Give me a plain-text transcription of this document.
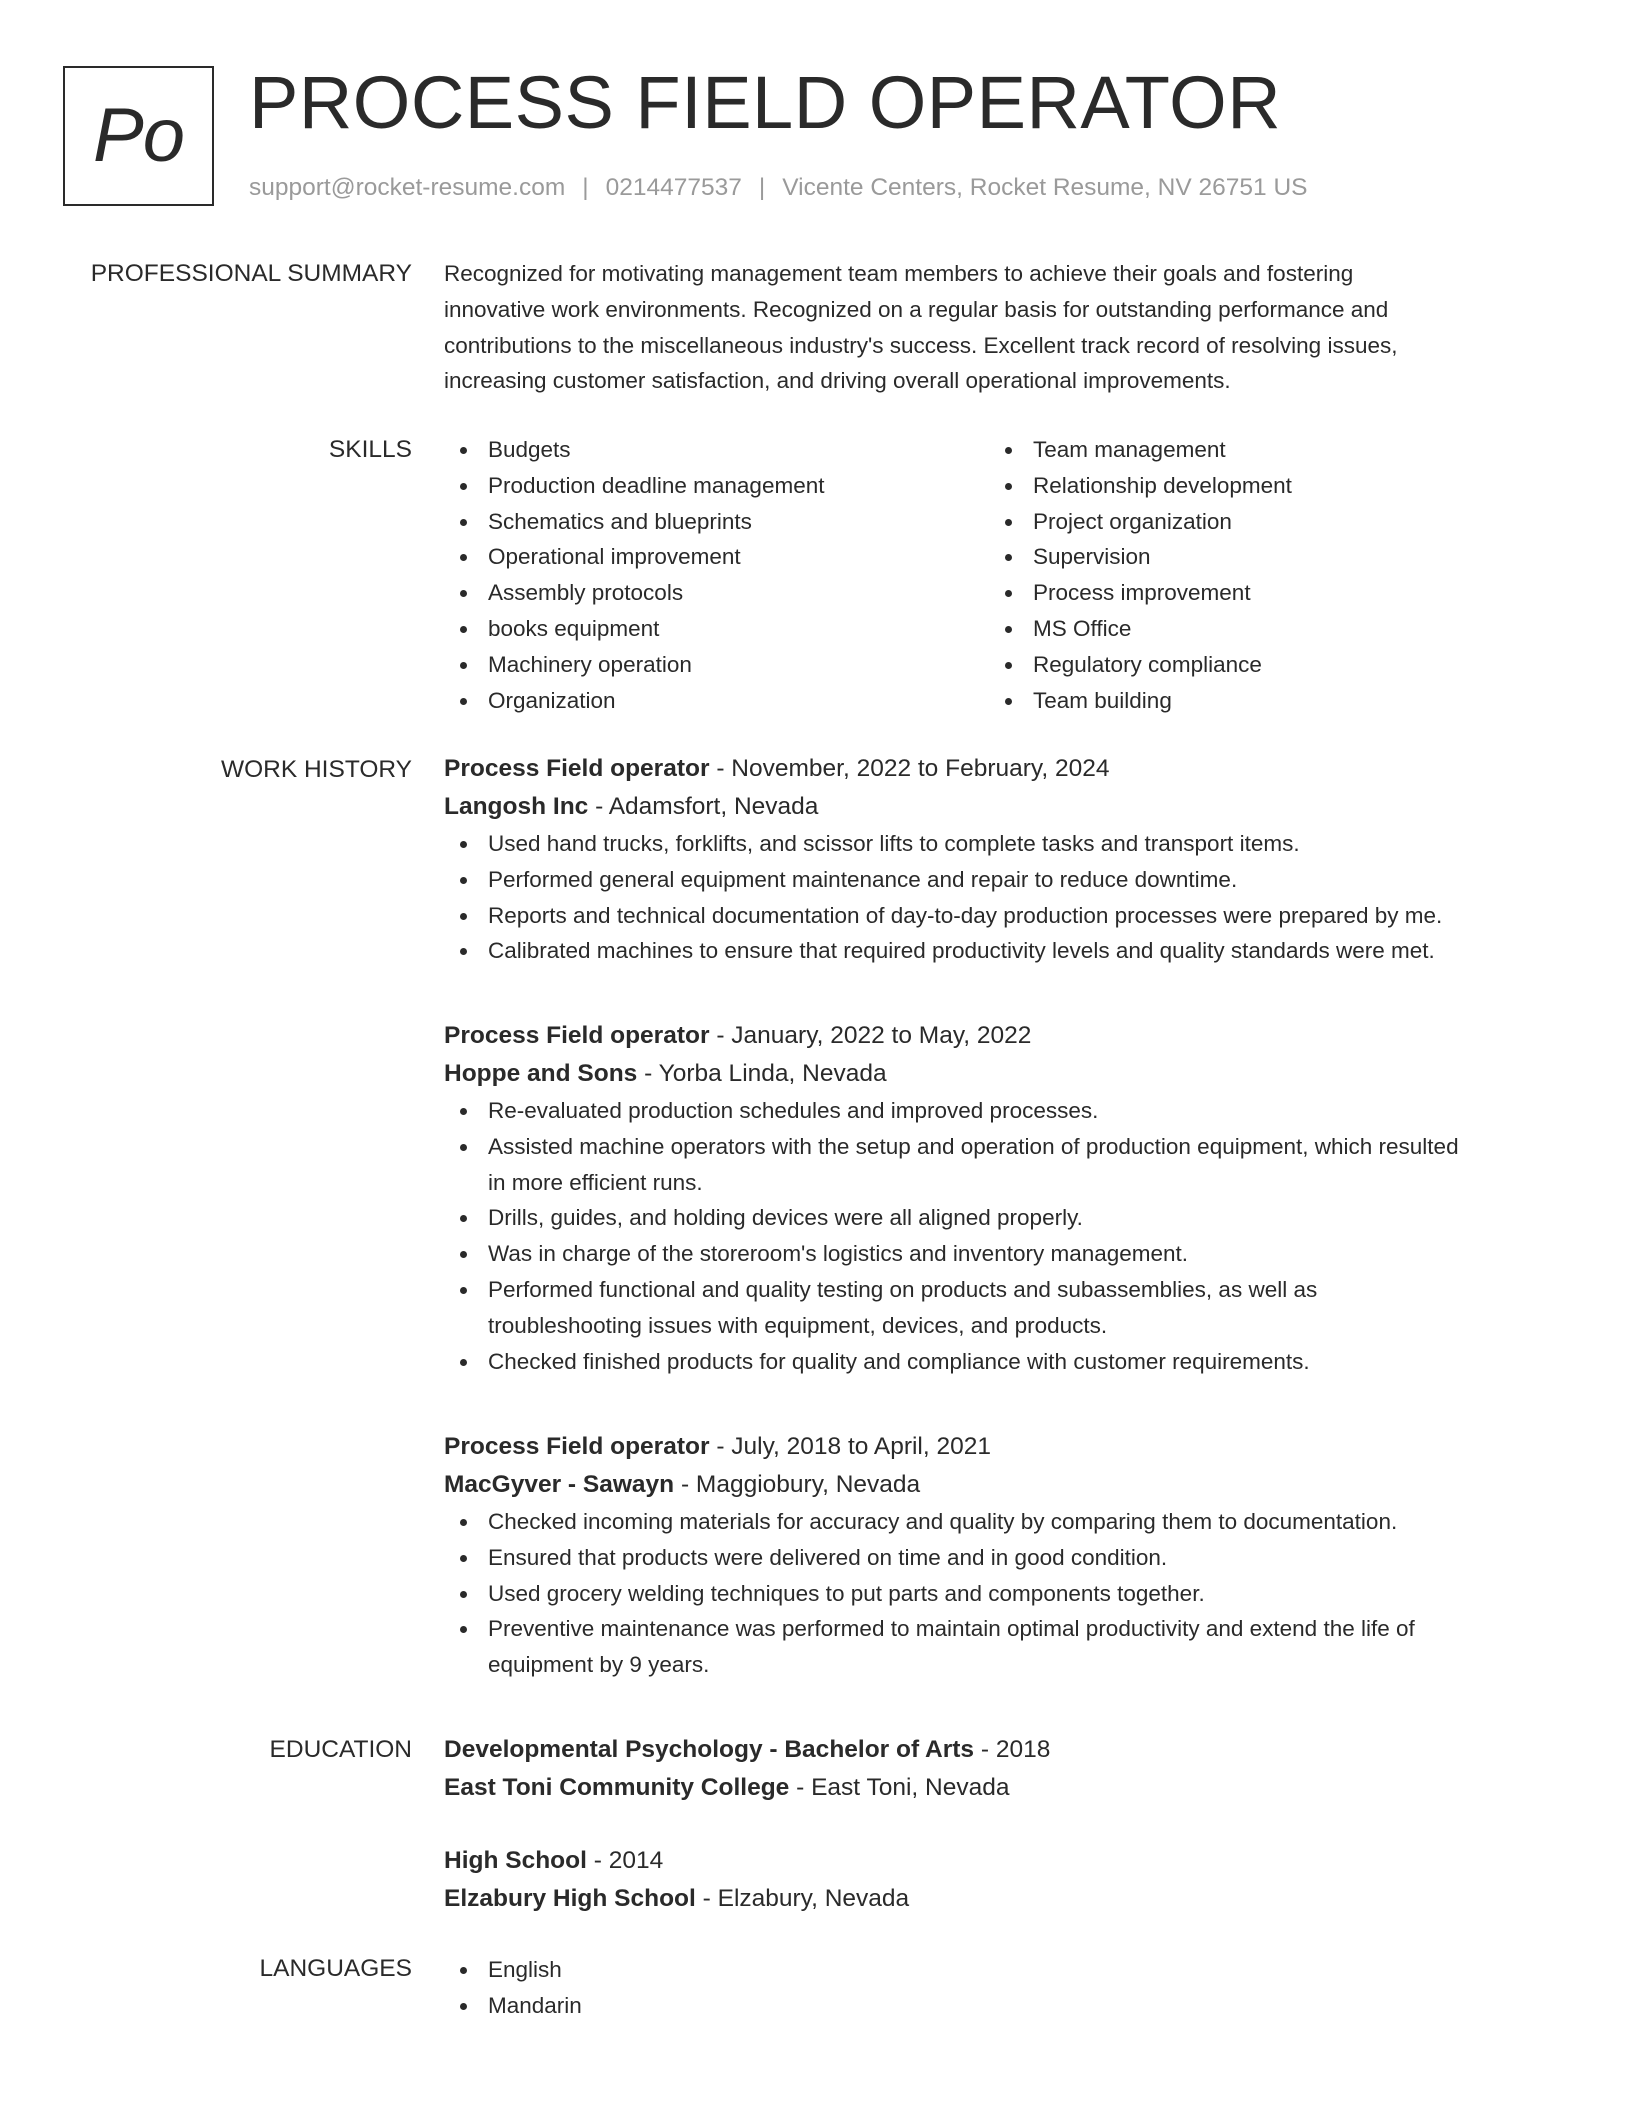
Po PROCESS FIELD OPERATOR
support@rocket-resume.com | 0214477537 | Vicente Centers, Rocket Resume, NV 26751 US
PROFESSIONAL SUMMARY Recognized for motivating management team members to achieve their goals and fostering
innovative work environments. Recognized on a regular basis for outstanding performance and
contributions to the miscellaneous industry's success. Excellent track record of resolving issues,
increasing customer satisfaction, and driving overall operational improvements.

SKILLS	Budgets
Production deadline management
Schematics and blueprints
Operational improvement
Assembly protocols
books equipment
Machinery operation
Organization
Team management
Relationship development
Project organization
Supervision
Process improvement
MS Office
Regulatory compliance
Team building
WORK HISTORY Process Field operator - November, 2022 to February, 2024
Langosh Inc - Adamsfort, Nevada
Used hand trucks, forklifts, and scissor lifts to complete tasks and transport items.
Performed general equipment maintenance and repair to reduce downtime.
Reports and technical documentation of day-to-day production processes were prepared by me.
Calibrated machines to ensure that required productivity levels and quality standards were met.
Process Field operator - January, 2022 to May, 2022
Hoppe and Sons - Yorba Linda, Nevada
Re-evaluated production schedules and improved processes.
Assisted machine operators with the setup and operation of production equipment, which resulted in more efficient runs.
Drills, guides, and holding devices were all aligned properly.
Was in charge of the storeroom's logistics and inventory management.
Performed functional and quality testing on products and subassemblies, as well as troubleshooting issues with equipment, devices, and products.
Checked finished products for quality and compliance with customer requirements.
Process Field operator - July, 2018 to April, 2021
MacGyver - Sawayn - Maggiobury, Nevada
Checked incoming materials for accuracy and quality by comparing them to documentation.
Ensured that products were delivered on time and in good condition.
Used grocery welding techniques to put parts and components together.
Preventive maintenance was performed to maintain optimal productivity and extend the life of equipment by 9 years.
EDUCATION Developmental Psychology - Bachelor of Arts - 2018
East Toni Community College - East Toni, Nevada
High School - 2014
Elzabury High School - Elzabury, Nevada
LANGUAGES	English
Mandarin
